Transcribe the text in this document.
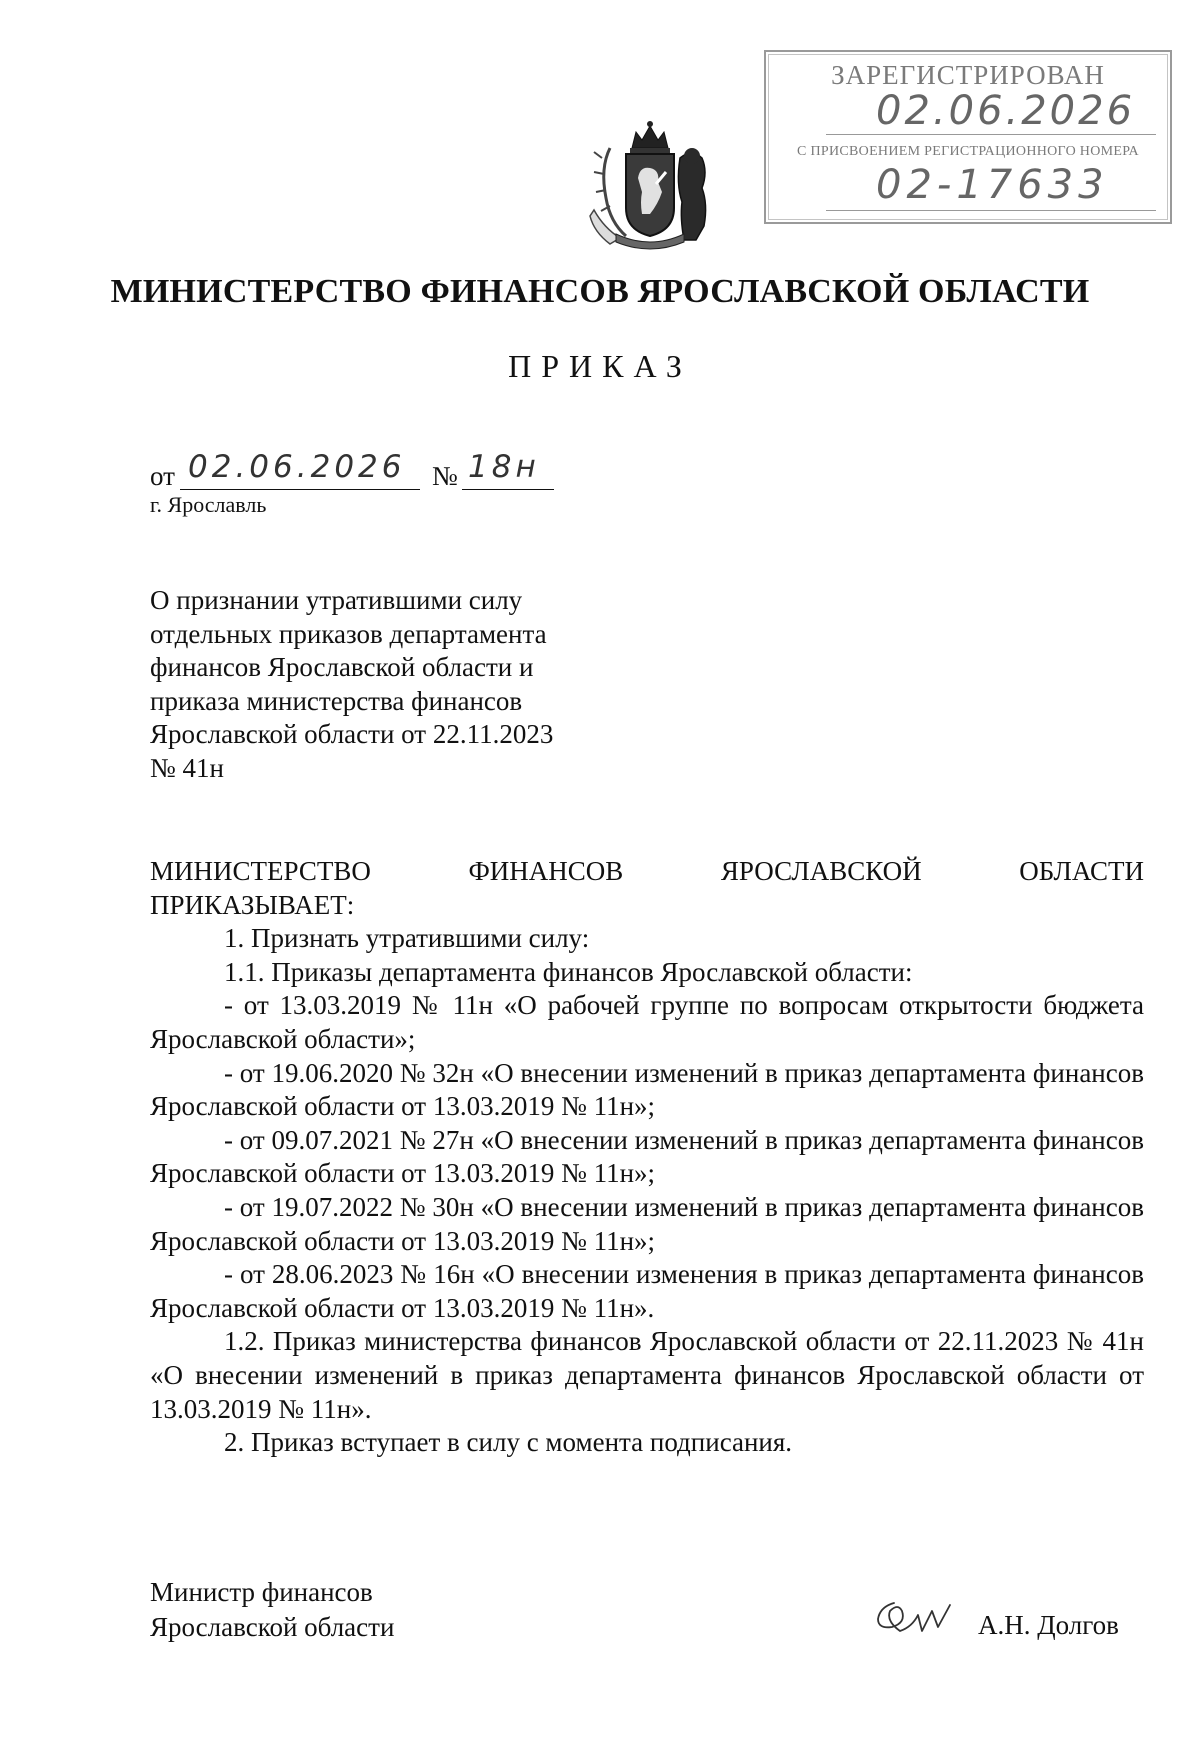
ЗАРЕГИСТРИРОВАН
02.06.2026
С ПРИСВОЕНИЕМ РЕГИСТРАЦИОННОГО НОМЕРА
02-17633
МИНИСТЕРСТВО ФИНАНСОВ ЯРОСЛАВСКОЙ ОБЛАСТИ
ПРИКАЗ
от 02.06.2026 № 18н
г. Ярославль
О признании утратившими силу
отдельных приказов департамента
финансов Ярославской области и
приказа министерства финансов
Ярославской области от 22.11.2023
№ 41н

МИНИСТЕРСТВО ФИНАНСОВ ЯРОСЛАВСКОЙ ОБЛАСТИ

ПРИКАЗЫВАЕТ:

1. Признать утратившими силу:

1.1. Приказы департамента финансов Ярославской области:

- от 13.03.2019 № 11н «О рабочей группе по вопросам открытости бюджета Ярославской области»;

- от 19.06.2020 № 32н «О внесении изменений в приказ департамента финансов Ярославской области от 13.03.2019 № 11н»;

- от 09.07.2021 № 27н «О внесении изменений в приказ департамента финансов Ярославской области от 13.03.2019 № 11н»;

- от 19.07.2022 № 30н «О внесении изменений в приказ департамента финансов Ярославской области от 13.03.2019 № 11н»;

- от 28.06.2023 № 16н «О внесении изменения в приказ департамента финансов Ярославской области от 13.03.2019 № 11н».

1.2. Приказ министерства финансов Ярославской области от 22.11.2023 № 41н «О внесении изменений в приказ департамента финансов Ярославской области от 13.03.2019 № 11н».

2. Приказ вступает в силу с момента подписания.

Министр финансов
Ярославской области	А.Н. Долгов
